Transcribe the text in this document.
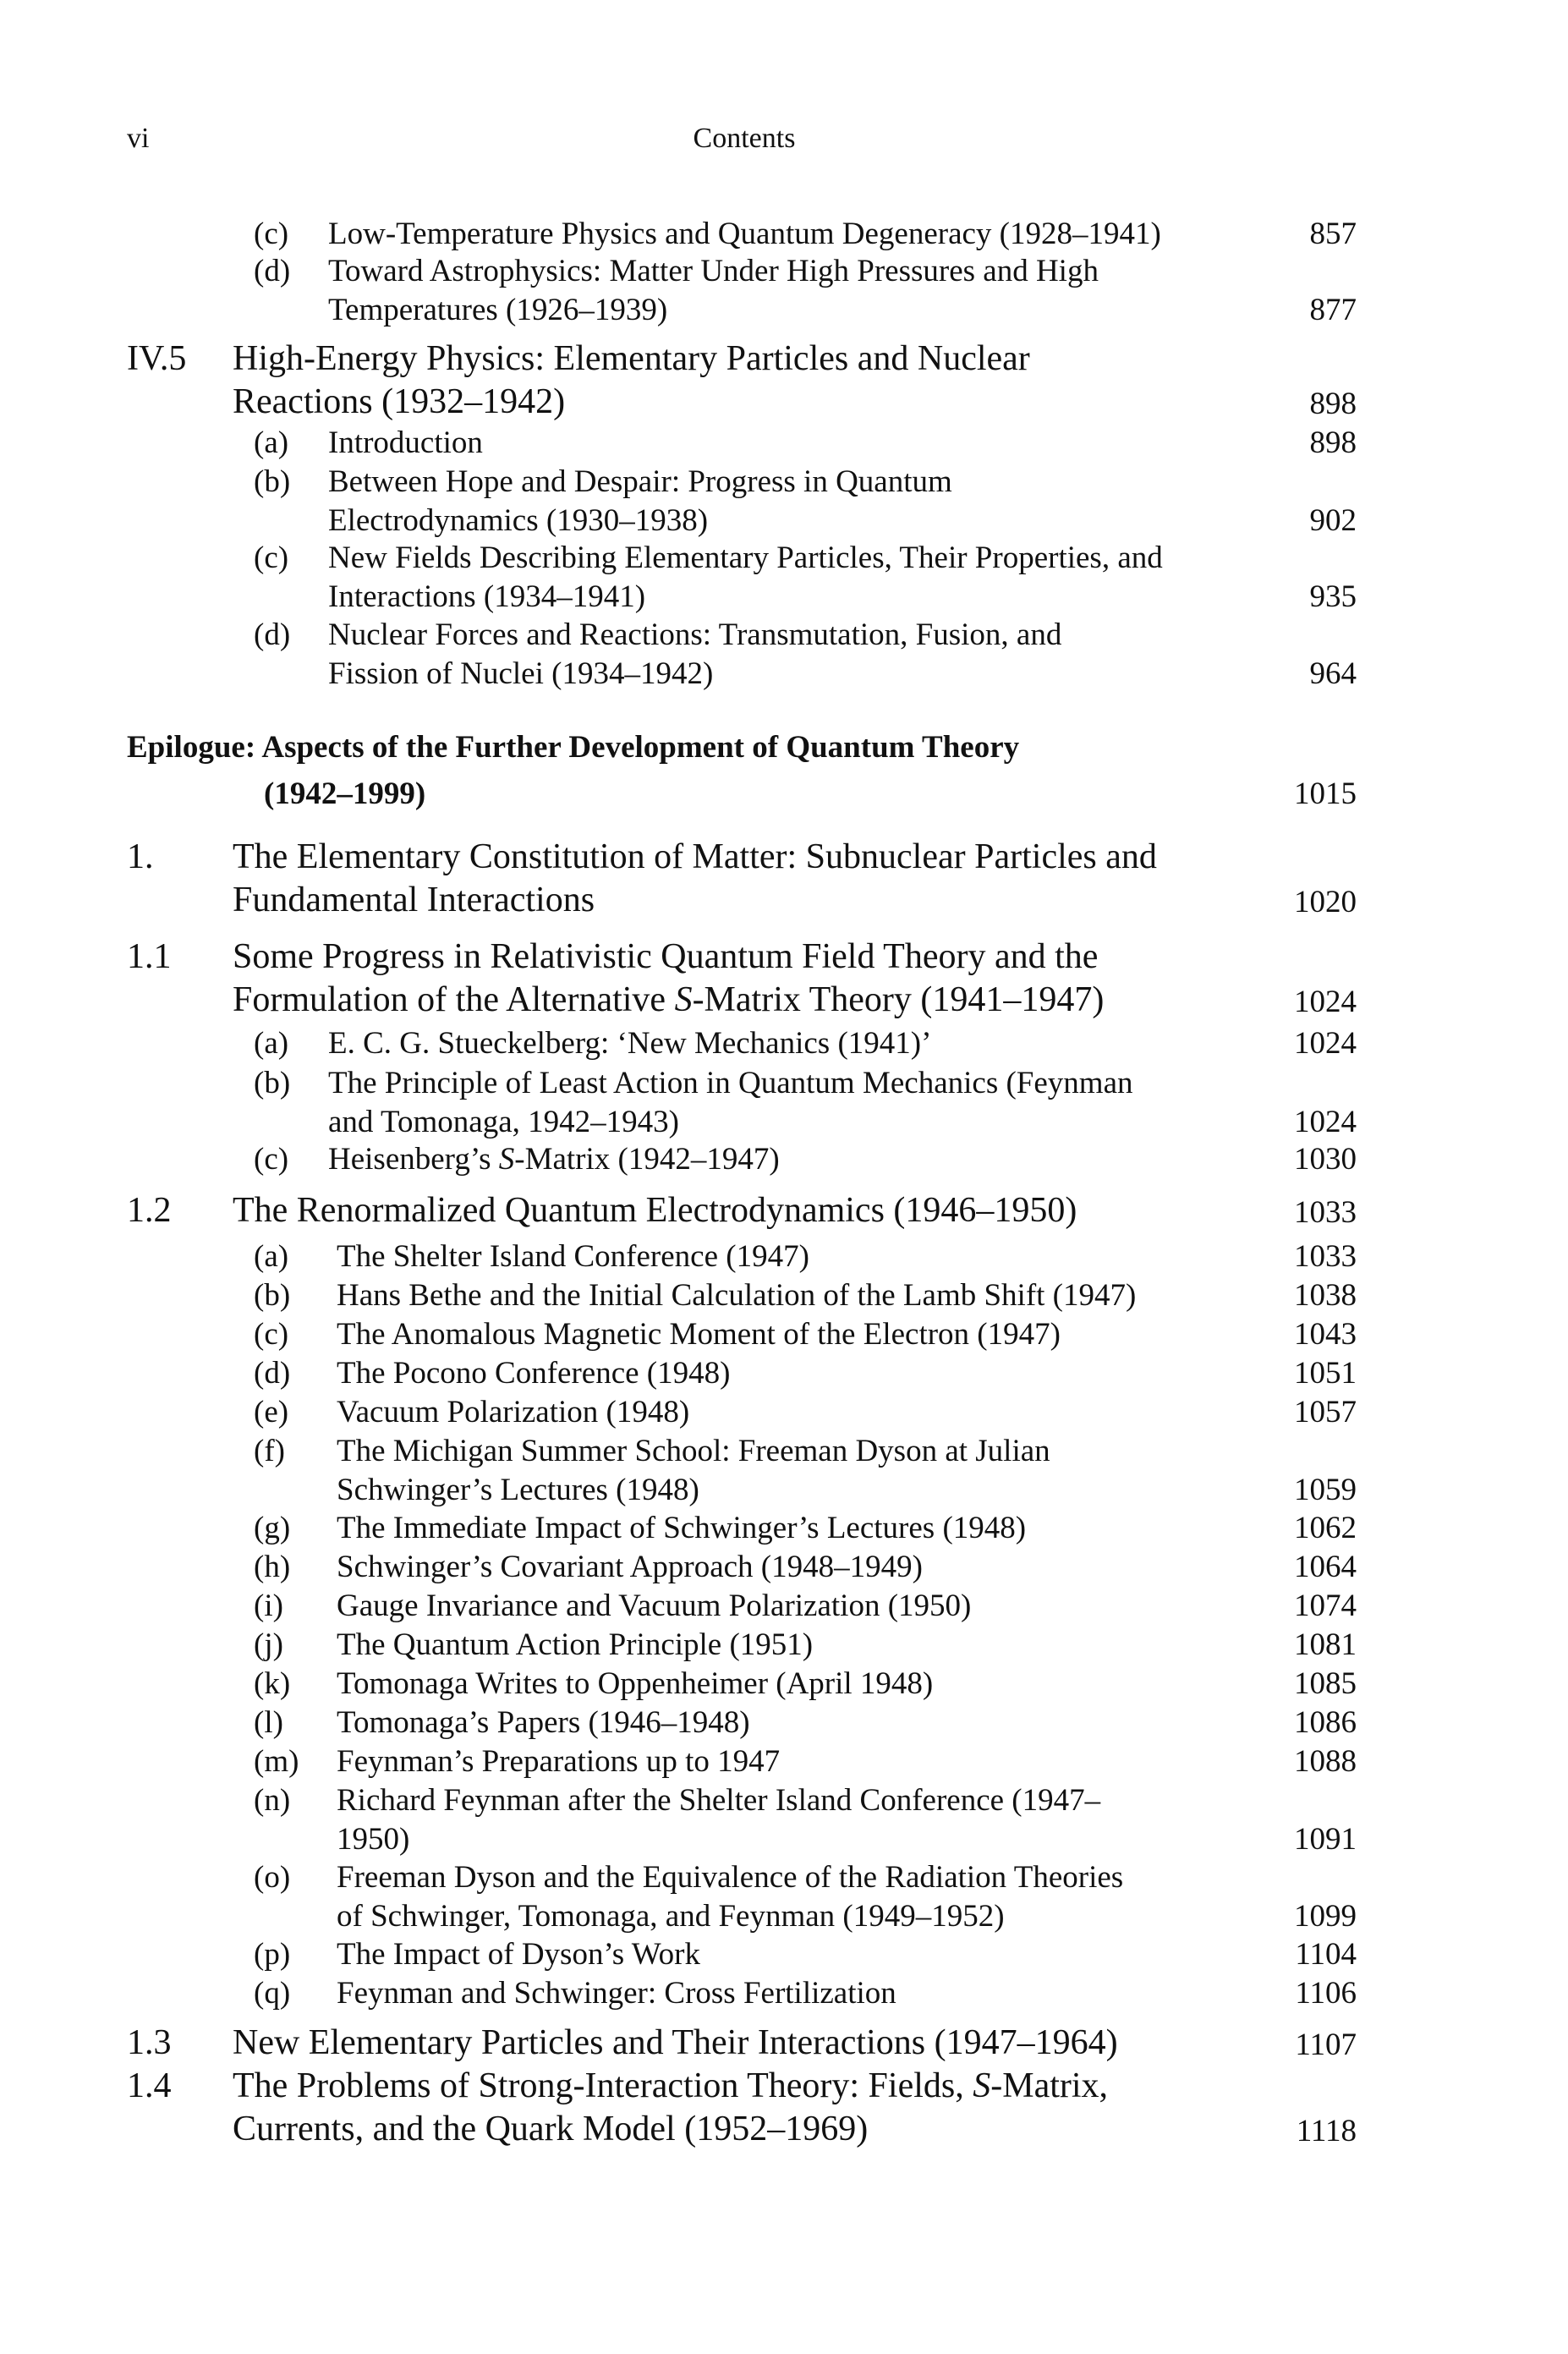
vi	Contents
(c) Low-Temperature Physics and Quantum Degeneracy (1928–1941)	857
(d) Toward Astrophysics: Matter Under High Pressures and High
Temperatures (1926–1939)	877
IV.5 High-Energy Physics: Elementary Particles and Nuclear
Reactions (1932–1942)	898
(a) Introduction	898
(b) Between Hope and Despair: Progress in Quantum
Electrodynamics (1930–1938)	902
(c) New Fields Describing Elementary Particles, Their Properties, and
Interactions (1934–1941)	935
(d) Nuclear Forces and Reactions: Transmutation, Fusion, and
Fission of Nuclei (1934–1942)	964
Epilogue: Aspects of the Further Development of Quantum Theory
(1942–1999)	1015
1. The Elementary Constitution of Matter: Subnuclear Particles and
Fundamental Interactions	1020
1.1 Some Progress in Relativistic Quantum Field Theory and the
Formulation of the Alternative S-Matrix Theory (1941–1947)	1024
(a) E. C. G. Stueckelberg: ‘New Mechanics (1941)’	1024
(b) The Principle of Least Action in Quantum Mechanics (Feynman
and Tomonaga, 1942–1943)	1024
(c) Heisenberg’s S-Matrix (1942–1947)	1030
1.2 The Renormalized Quantum Electrodynamics (1946–1950)	1033
(a) The Shelter Island Conference (1947)	1033
(b) Hans Bethe and the Initial Calculation of the Lamb Shift (1947)	1038
(c) The Anomalous Magnetic Moment of the Electron (1947)	1043
(d) The Pocono Conference (1948)	1051
(e) Vacuum Polarization (1948)	1057
(f) The Michigan Summer School: Freeman Dyson at Julian
Schwinger’s Lectures (1948)	1059
(g) The Immediate Impact of Schwinger’s Lectures (1948)	1062
(h) Schwinger’s Covariant Approach (1948–1949)	1064
(i) Gauge Invariance and Vacuum Polarization (1950)	1074
(j) The Quantum Action Principle (1951)	1081
(k) Tomonaga Writes to Oppenheimer (April 1948)	1085
(l) Tomonaga’s Papers (1946–1948)	1086
(m) Feynman’s Preparations up to 1947	1088
(n) Richard Feynman after the Shelter Island Conference (1947–
1950)	1091
(o) Freeman Dyson and the Equivalence of the Radiation Theories
of Schwinger, Tomonaga, and Feynman (1949–1952)	1099
(p) The Impact of Dyson’s Work	1104
(q) Feynman and Schwinger: Cross Fertilization	1106
1.3 New Elementary Particles and Their Interactions (1947–1964)	1107
1.4 The Problems of Strong-Interaction Theory: Fields, S-Matrix,
Currents, and the Quark Model (1952–1969)	1118
